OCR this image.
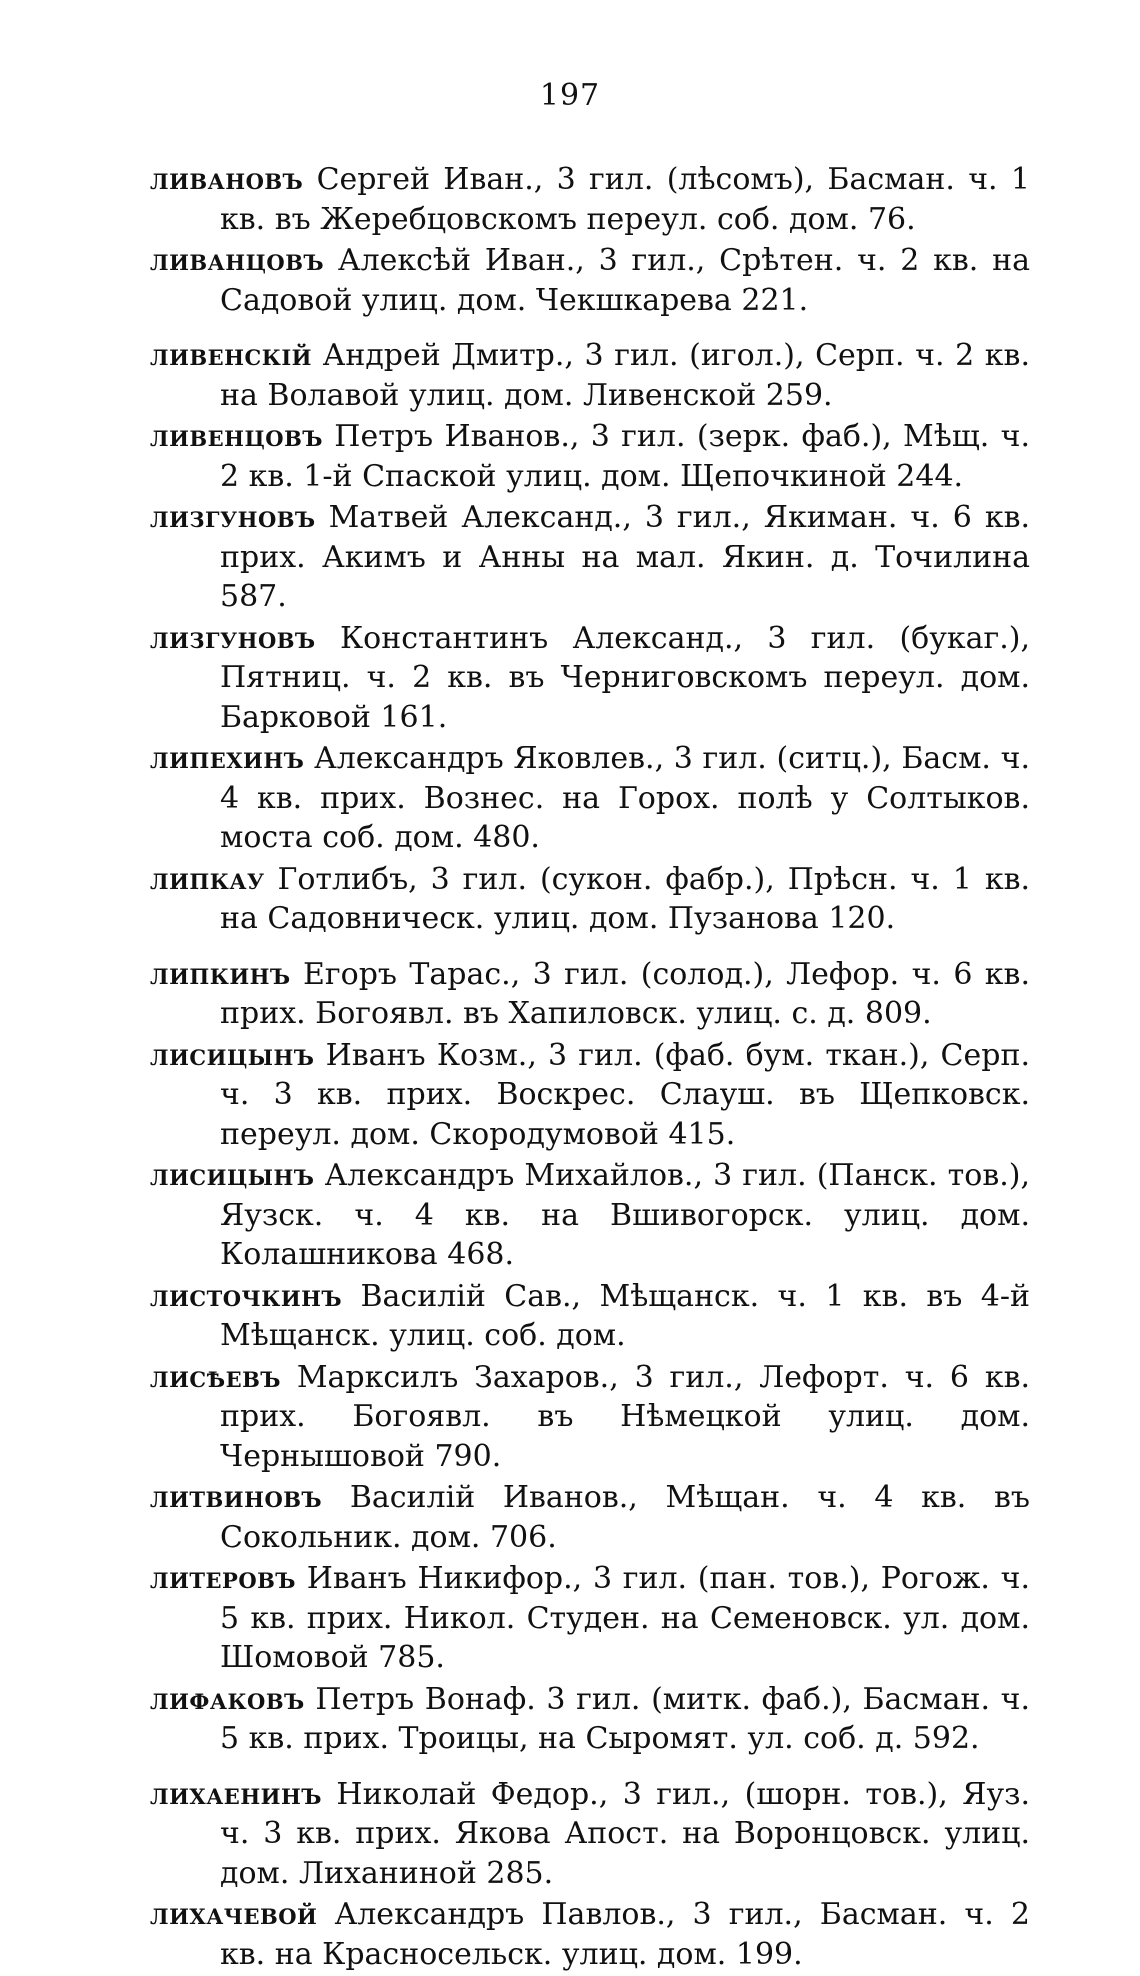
197

ливановъ Сергей Иван., 3 гил. (лѣсомъ), Басман. ч. 1 кв. въ Жеребцовскомъ переул. соб. дом. 76.

ливанцовъ Алексѣй Иван., 3 гил., Срѣтен. ч. 2 кв. на Садовой улиц. дом. Чекшкарева 221.

ливенскій Андрей Дмитр., 3 гил. (игол.), Серп. ч. 2 кв. на Волавой улиц. дом. Ливенской 259.

ливенцовъ Петръ Иванов., 3 гил. (зерк. фаб.), Мѣщ. ч. 2 кв. 1-й Спаской улиц. дом. Щепочкиной 244.

лизгуновъ Матвей Александ., 3 гил., Якиман. ч. 6 кв. прих. Акимъ и Анны на мал. Якин. д. Точилина 587.

лизгуновъ Константинъ Александ., 3 гил. (букаг.), Пятниц. ч. 2 кв. въ Черниговскомъ переул. дом. Барковой 161.

липехинъ Александръ Яковлев., 3 гил. (ситц.), Басм. ч. 4 кв. прих. Вознес. на Горох. полѣ у Солтыков. моста соб. дом. 480.

липкау Готлибъ, 3 гил. (сукон. фабр.), Прѣсн. ч. 1 кв. на Садовническ. улиц. дом. Пузанова 120.

липкинъ Егоръ Тарас., 3 гил. (солод.), Лефор. ч. 6 кв. прих. Богоявл. въ Хапиловск. улиц. с. д. 809.

лисицынъ Иванъ Козм., 3 гил. (фаб. бум. ткан.), Серп. ч. 3 кв. прих. Воскрес. Слауш. въ Щепковск. переул. дом. Скородумовой 415.

лисицынъ Александръ Михайлов., 3 гил. (Панск. тов.), Яузск. ч. 4 кв. на Вшивогорск. улиц. дом. Колашникова 468.

листочкинъ Василій Сав., Мѣщанск. ч. 1 кв. въ 4-й Мѣщанск. улиц. соб. дом.

лисѣевъ Марксилъ Захаров., 3 гил., Лефорт. ч. 6 кв. прих. Богоявл. въ Нѣмецкой улиц. дом. Чернышовой 790.

литвиновъ Василій Иванов., Мѣщан. ч. 4 кв. въ Сокольник. дом. 706.

литеровъ Иванъ Никифор., 3 гил. (пан. тов.), Рогож. ч. 5 кв. прих. Никол. Студен. на Семеновск. ул. дом. Шомовой 785.

лифаковъ Петръ Вонаф. 3 гил. (митк. фаб.), Басман. ч. 5 кв. прих. Троицы, на Сыромят. ул. соб. д. 592.

лихаенинъ Николай Федор., 3 гил., (шорн. тов.), Яуз. ч. 3 кв. прих. Якова Апост. на Воронцовск. улиц. дом. Лиханиной 285.

лихачевой Александръ Павлов., 3 гил., Басман. ч. 2 кв. на Красносельск. улиц. дом. 199.
